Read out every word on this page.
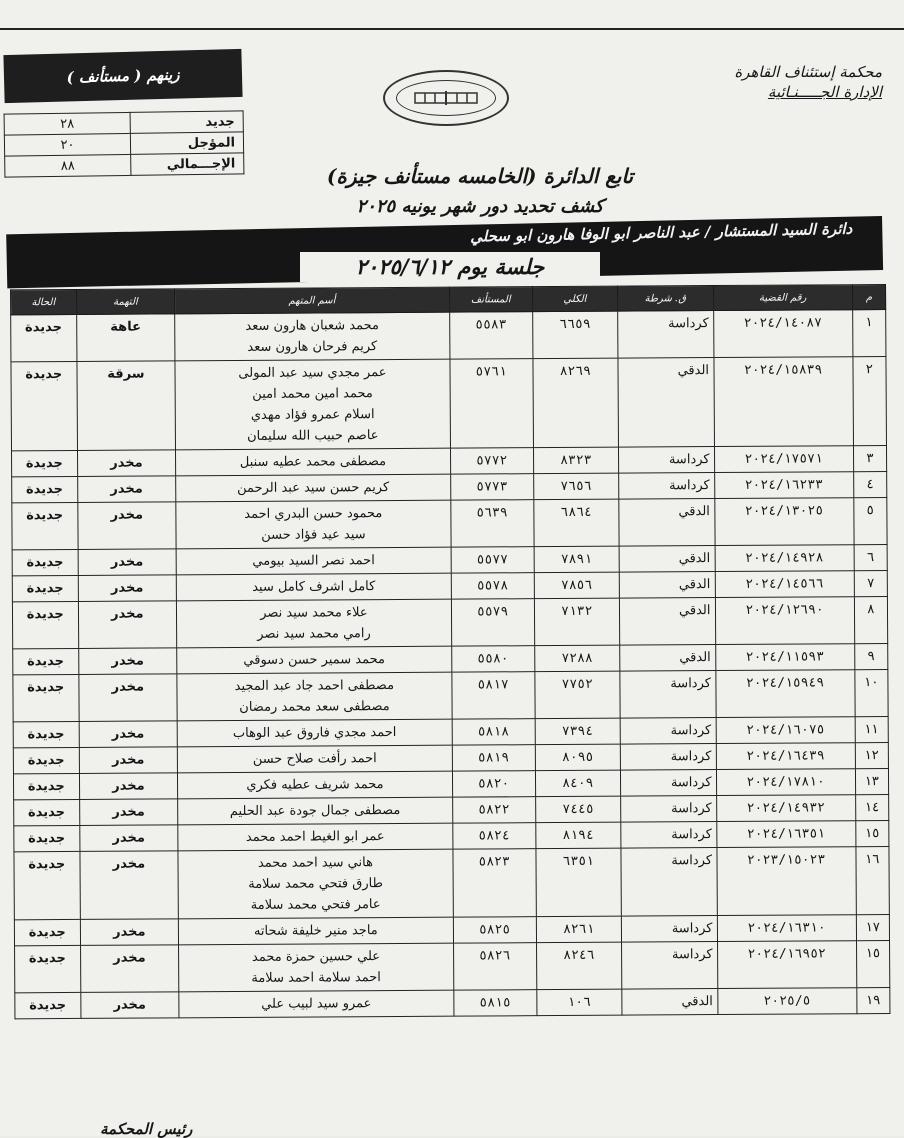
محكمة إستئناف القاهرة
الإدارة الجـــــنـائية
زينهم ( مستأنف )
جديد	٢٨
المؤجل	٢٠
الإجـــمالي	٨٨	تابع الدائرة (الخامسه مستأنف جيزة)
كشف تحديد دور شهر يونيه ٢٠٢٥
دائرة السيد المستشار / عبد الناصر ابو الوفا هارون ابو سحلي
جلسة يوم ٢٠٢٥/٦/١٢
م	رقم القضية	ق. شرطة	الكلي	المستأنف	أسم المتهم	التهمة	الحالة
١	٢٠٢٤/١٤٠٨٧	كرداسة	٦٦٥٩	٥٥٨٣	محمد شعبان هارون سعد
كريم فرحان هارون سعد	عاهة	جديدة
٢	٢٠٢٤/١٥٨٣٩	الدقي	٨٢٦٩	٥٧٦١	عمر مجدي سيد عبد المولى
محمد امين محمد امين
اسلام عمرو فؤاد مهدي
عاصم حبيب الله سليمان	سرقة	جديدة
٣	٢٠٢٤/١٧٥٧١	كرداسة	٨٣٢٣	٥٧٧٢	مصطفى محمد عطيه سنبل	مخدر	جديدة
٤	٢٠٢٤/١٦٢٣٣	كرداسة	٧٦٥٦	٥٧٧٣	كريم حسن سيد عبد الرحمن	مخدر	جديدة
٥	٢٠٢٤/١٣٠٢٥	الدقي	٦٨٦٤	٥٦٣٩	محمود حسن البدري احمد
سيد عيد فؤاد حسن	مخدر	جديدة
٦	٢٠٢٤/١٤٩٢٨	الدقي	٧٨٩١	٥٥٧٧	احمد نصر السيد بيومي	مخدر	جديدة
٧	٢٠٢٤/١٤٥٦٦	الدقي	٧٨٥٦	٥٥٧٨	كامل اشرف كامل سيد	مخدر	جديدة
٨	٢٠٢٤/١٢٦٩٠	الدقي	٧١٣٢	٥٥٧٩	علاء محمد سيد نصر
رامي محمد سيد نصر	مخدر	جديدة
٩	٢٠٢٤/١١٥٩٣	الدقي	٧٢٨٨	٥٥٨٠	محمد سمير حسن دسوقي	مخدر	جديدة
١٠	٢٠٢٤/١٥٩٤٩	كرداسة	٧٧٥٢	٥٨١٧	مصطفى احمد جاد عبد المجيد
مصطفى سعد محمد رمضان	مخدر	جديدة
١١	٢٠٢٤/١٦٠٧٥	كرداسة	٧٣٩٤	٥٨١٨	احمد مجدي فاروق عبد الوهاب	مخدر	جديدة
١٢	٢٠٢٤/١٦٤٣٩	كرداسة	٨٠٩٥	٥٨١٩	احمد رأفت صلاح حسن	مخدر	جديدة
١٣	٢٠٢٤/١٧٨١٠	كرداسة	٨٤٠٩	٥٨٢٠	محمد شريف عطيه فكري	مخدر	جديدة
١٤	٢٠٢٤/١٤٩٣٢	كرداسة	٧٤٤٥	٥٨٢٢	مصطفى جمال جودة عبد الحليم	مخدر	جديدة
١٥	٢٠٢٤/١٦٣٥١	كرداسة	٨١٩٤	٥٨٢٤	عمر ابو الغيط احمد محمد	مخدر	جديدة
١٦	٢٠٢٣/١٥٠٢٣	كرداسة	٦٣٥١	٥٨٢٣	هاني سيد احمد محمد
طارق فتحي محمد سلامة
عامر فتحي محمد سلامة	مخدر	جديدة
١٧	٢٠٢٤/١٦٣١٠	كرداسة	٨٢٦١	٥٨٢٥	ماجد منير خليفة شحاته	مخدر	جديدة
١٥	٢٠٢٤/١٦٩٥٢	كرداسة	٨٢٤٦	٥٨٢٦	علي حسين حمزة محمد
احمد سلامة احمد سلامة	مخدر	جديدة
١٩	٢٠٢٥/٥	الدقي	١٠٦	٥٨١٥	عمرو سيد لبيب علي	مخدر	جديدة
رئيس المحكمة
